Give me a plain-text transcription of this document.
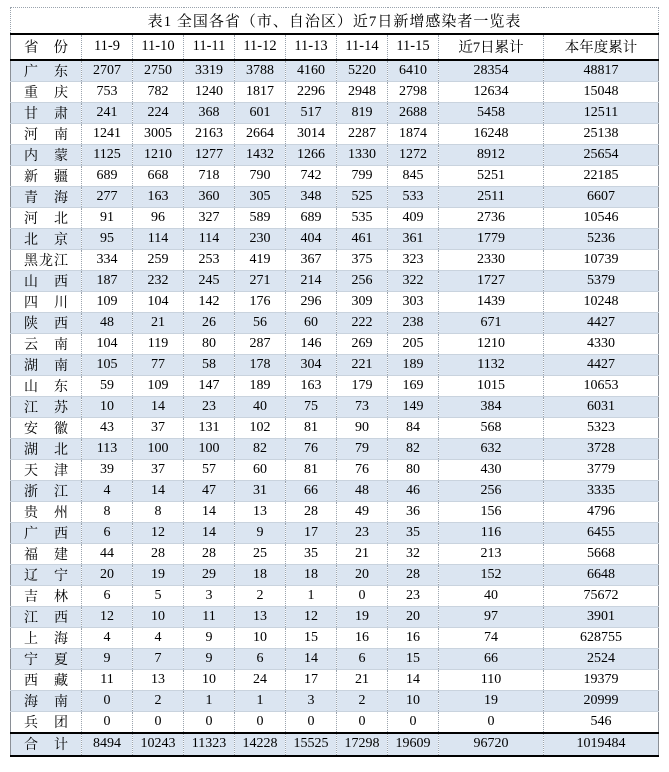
表1 全国各省（市、自治区）近7日新增感染者一览表									
省份	11-9	11-10	11-11	11-12	11-13	11-14	11-15	近7日累计	本年度累计
广东	2707	2750	3319	3788	4160	5220	6410	28354	48817
重庆	753	782	1240	1817	2296	2948	2798	12634	15048
甘肃	241	224	368	601	517	819	2688	5458	12511
河南	1241	3005	2163	2664	3014	2287	1874	16248	25138
内蒙	1125	1210	1277	1432	1266	1330	1272	8912	25654
新疆	689	668	718	790	742	799	845	5251	22185
青海	277	163	360	305	348	525	533	2511	6607
河北	91	96	327	589	689	535	409	2736	10546
北京	95	114	114	230	404	461	361	1779	5236
黑龙江	334	259	253	419	367	375	323	2330	10739
山西	187	232	245	271	214	256	322	1727	5379
四川	109	104	142	176	296	309	303	1439	10248
陕西	48	21	26	56	60	222	238	671	4427
云南	104	119	80	287	146	269	205	1210	4330
湖南	105	77	58	178	304	221	189	1132	4427
山东	59	109	147	189	163	179	169	1015	10653
江苏	10	14	23	40	75	73	149	384	6031
安徽	43	37	131	102	81	90	84	568	5323
湖北	113	100	100	82	76	79	82	632	3728
天津	39	37	57	60	81	76	80	430	3779
浙江	4	14	47	31	66	48	46	256	3335
贵州	8	8	14	13	28	49	36	156	4796
广西	6	12	14	9	17	23	35	116	6455
福建	44	28	28	25	35	21	32	213	5668
辽宁	20	19	29	18	18	20	28	152	6648
吉林	6	5	3	2	1	0	23	40	75672
江西	12	10	11	13	12	19	20	97	3901
上海	4	4	9	10	15	16	16	74	628755
宁夏	9	7	9	6	14	6	15	66	2524
西藏	11	13	10	24	17	21	14	110	19379
海南	0	2	1	1	3	2	10	19	20999
兵团	0	0	0	0	0	0	0	0	546
合计	8494	10243	11323	14228	15525	17298	19609	96720	1019484
